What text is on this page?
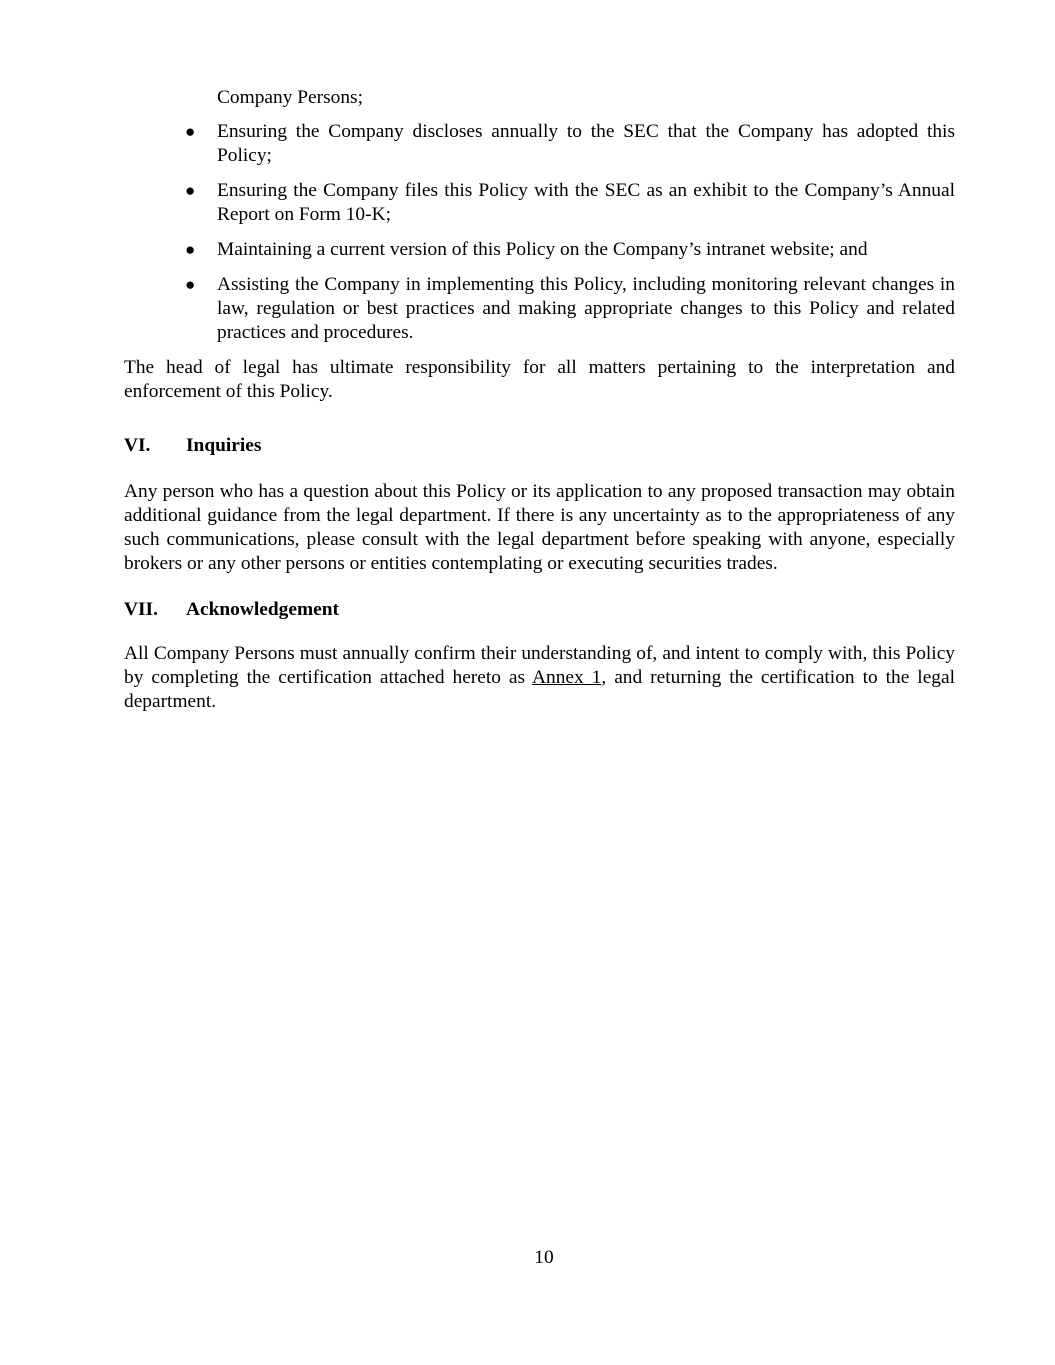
Company Persons;

● Ensuring the Company discloses annually to the SEC that the Company has adopted this Policy;
● Ensuring the Company files this Policy with the SEC as an exhibit to the Company’s Annual Report on Form 10-K;
● Maintaining a current version of this Policy on the Company’s intranet website; and
● Assisting the Company in implementing this Policy, including monitoring relevant changes in law, regulation or best practices and making appropriate changes to this Policy and related practices and procedures.

The head of legal has ultimate responsibility for all matters pertaining to the interpretation and enforcement of this Policy.

VI.	Inquiries

Any person who has a question about this Policy or its application to any proposed transaction may obtain additional guidance from the legal department. If there is any uncertainty as to the appropriateness of any such communications, please consult with the legal department before speaking with anyone, especially brokers or any other persons or entities contemplating or executing securities trades.

VII.	Acknowledgement

All Company Persons must annually confirm their understanding of, and intent to comply with, this Policy by completing the certification attached hereto as Annex 1, and returning the certification to the legal department.

10
